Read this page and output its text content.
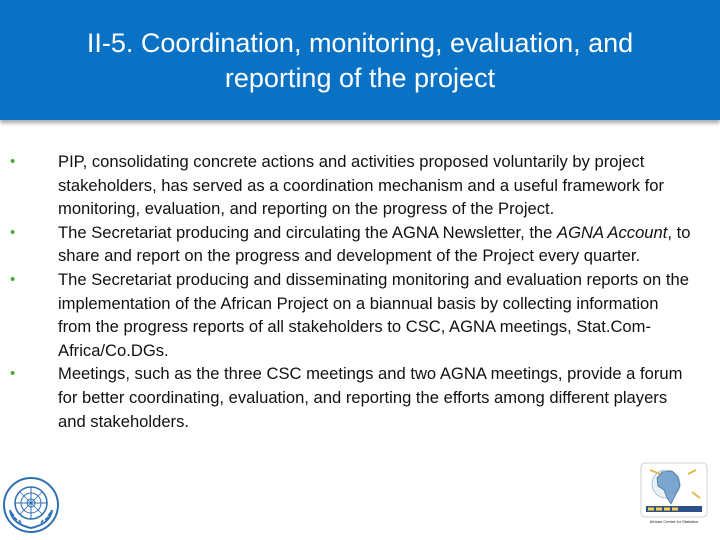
II-5. Coordination, monitoring, evaluation, and
reporting of the project

•	PIP, consolidating concrete actions and activities proposed voluntarily by project stakeholders, has served as a coordination mechanism and a useful framework for monitoring, evaluation, and reporting on the progress of the Project.

•	The Secretariat producing and circulating the AGNA Newsletter, the AGNA Account, to share and report on the progress and development of the Project every quarter.

•	The Secretariat producing and disseminating monitoring and evaluation reports on the implementation of the African Project on a biannual basis by collecting information from the progress reports of all stakeholders to CSC, AGNA meetings, Stat.Com-Africa/Co.DGs.

•	Meetings, such as the three CSC meetings and two AGNA meetings, provide a forum for better coordinating, evaluation, and reporting the efforts among different players and stakeholders.

African Centre for Statistics
